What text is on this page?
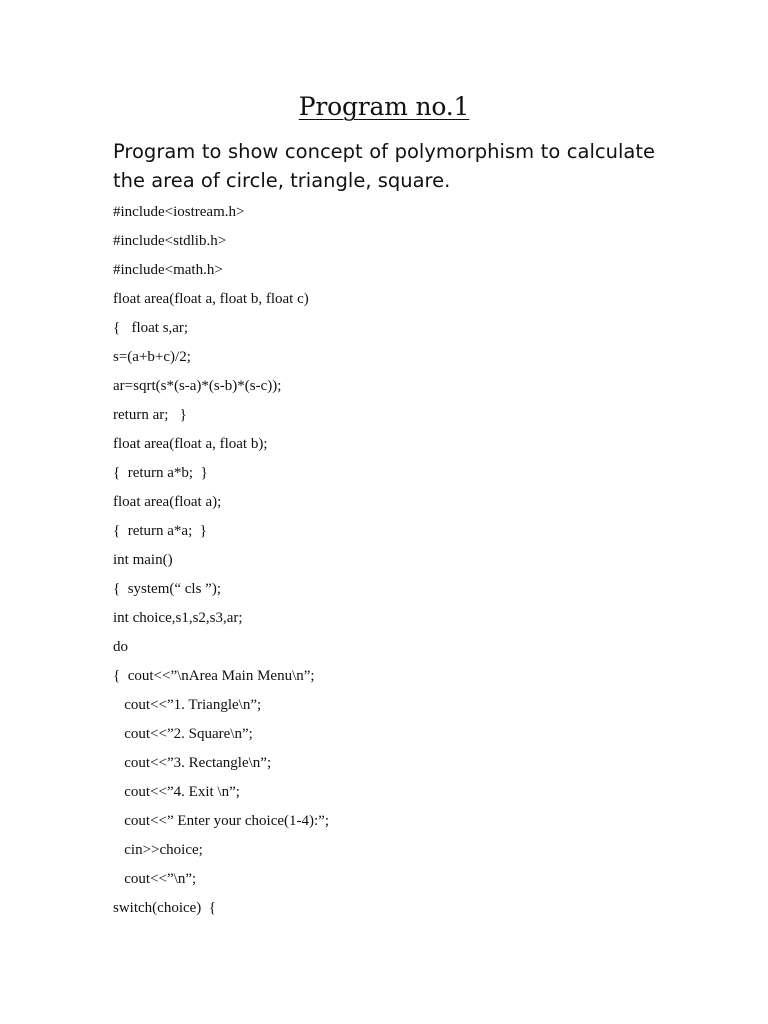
Program no.1

Program to show concept of polymorphism to calculate the area of circle, triangle, square.

#include<iostream.h>
#include<stdlib.h>
#include<math.h>
float area(float a, float b, float c)
{   float s,ar;
s=(a+b+c)/2;
ar=sqrt(s*(s-a)*(s-b)*(s-c));
return ar;   }
float area(float a, float b);
{  return a*b;  }
float area(float a);
{  return a*a;  }
int main()
{  system(“ cls ”);
int choice,s1,s2,s3,ar;
do
{  cout<<”\nArea Main Menu\n”;
cout<<”1. Triangle\n”;
cout<<”2. Square\n”;
cout<<”3. Rectangle\n”;
cout<<”4. Exit \n”;
cout<<” Enter your choice(1-4):”;
cin>>choice;
cout<<”\n”;
switch(choice)  {
